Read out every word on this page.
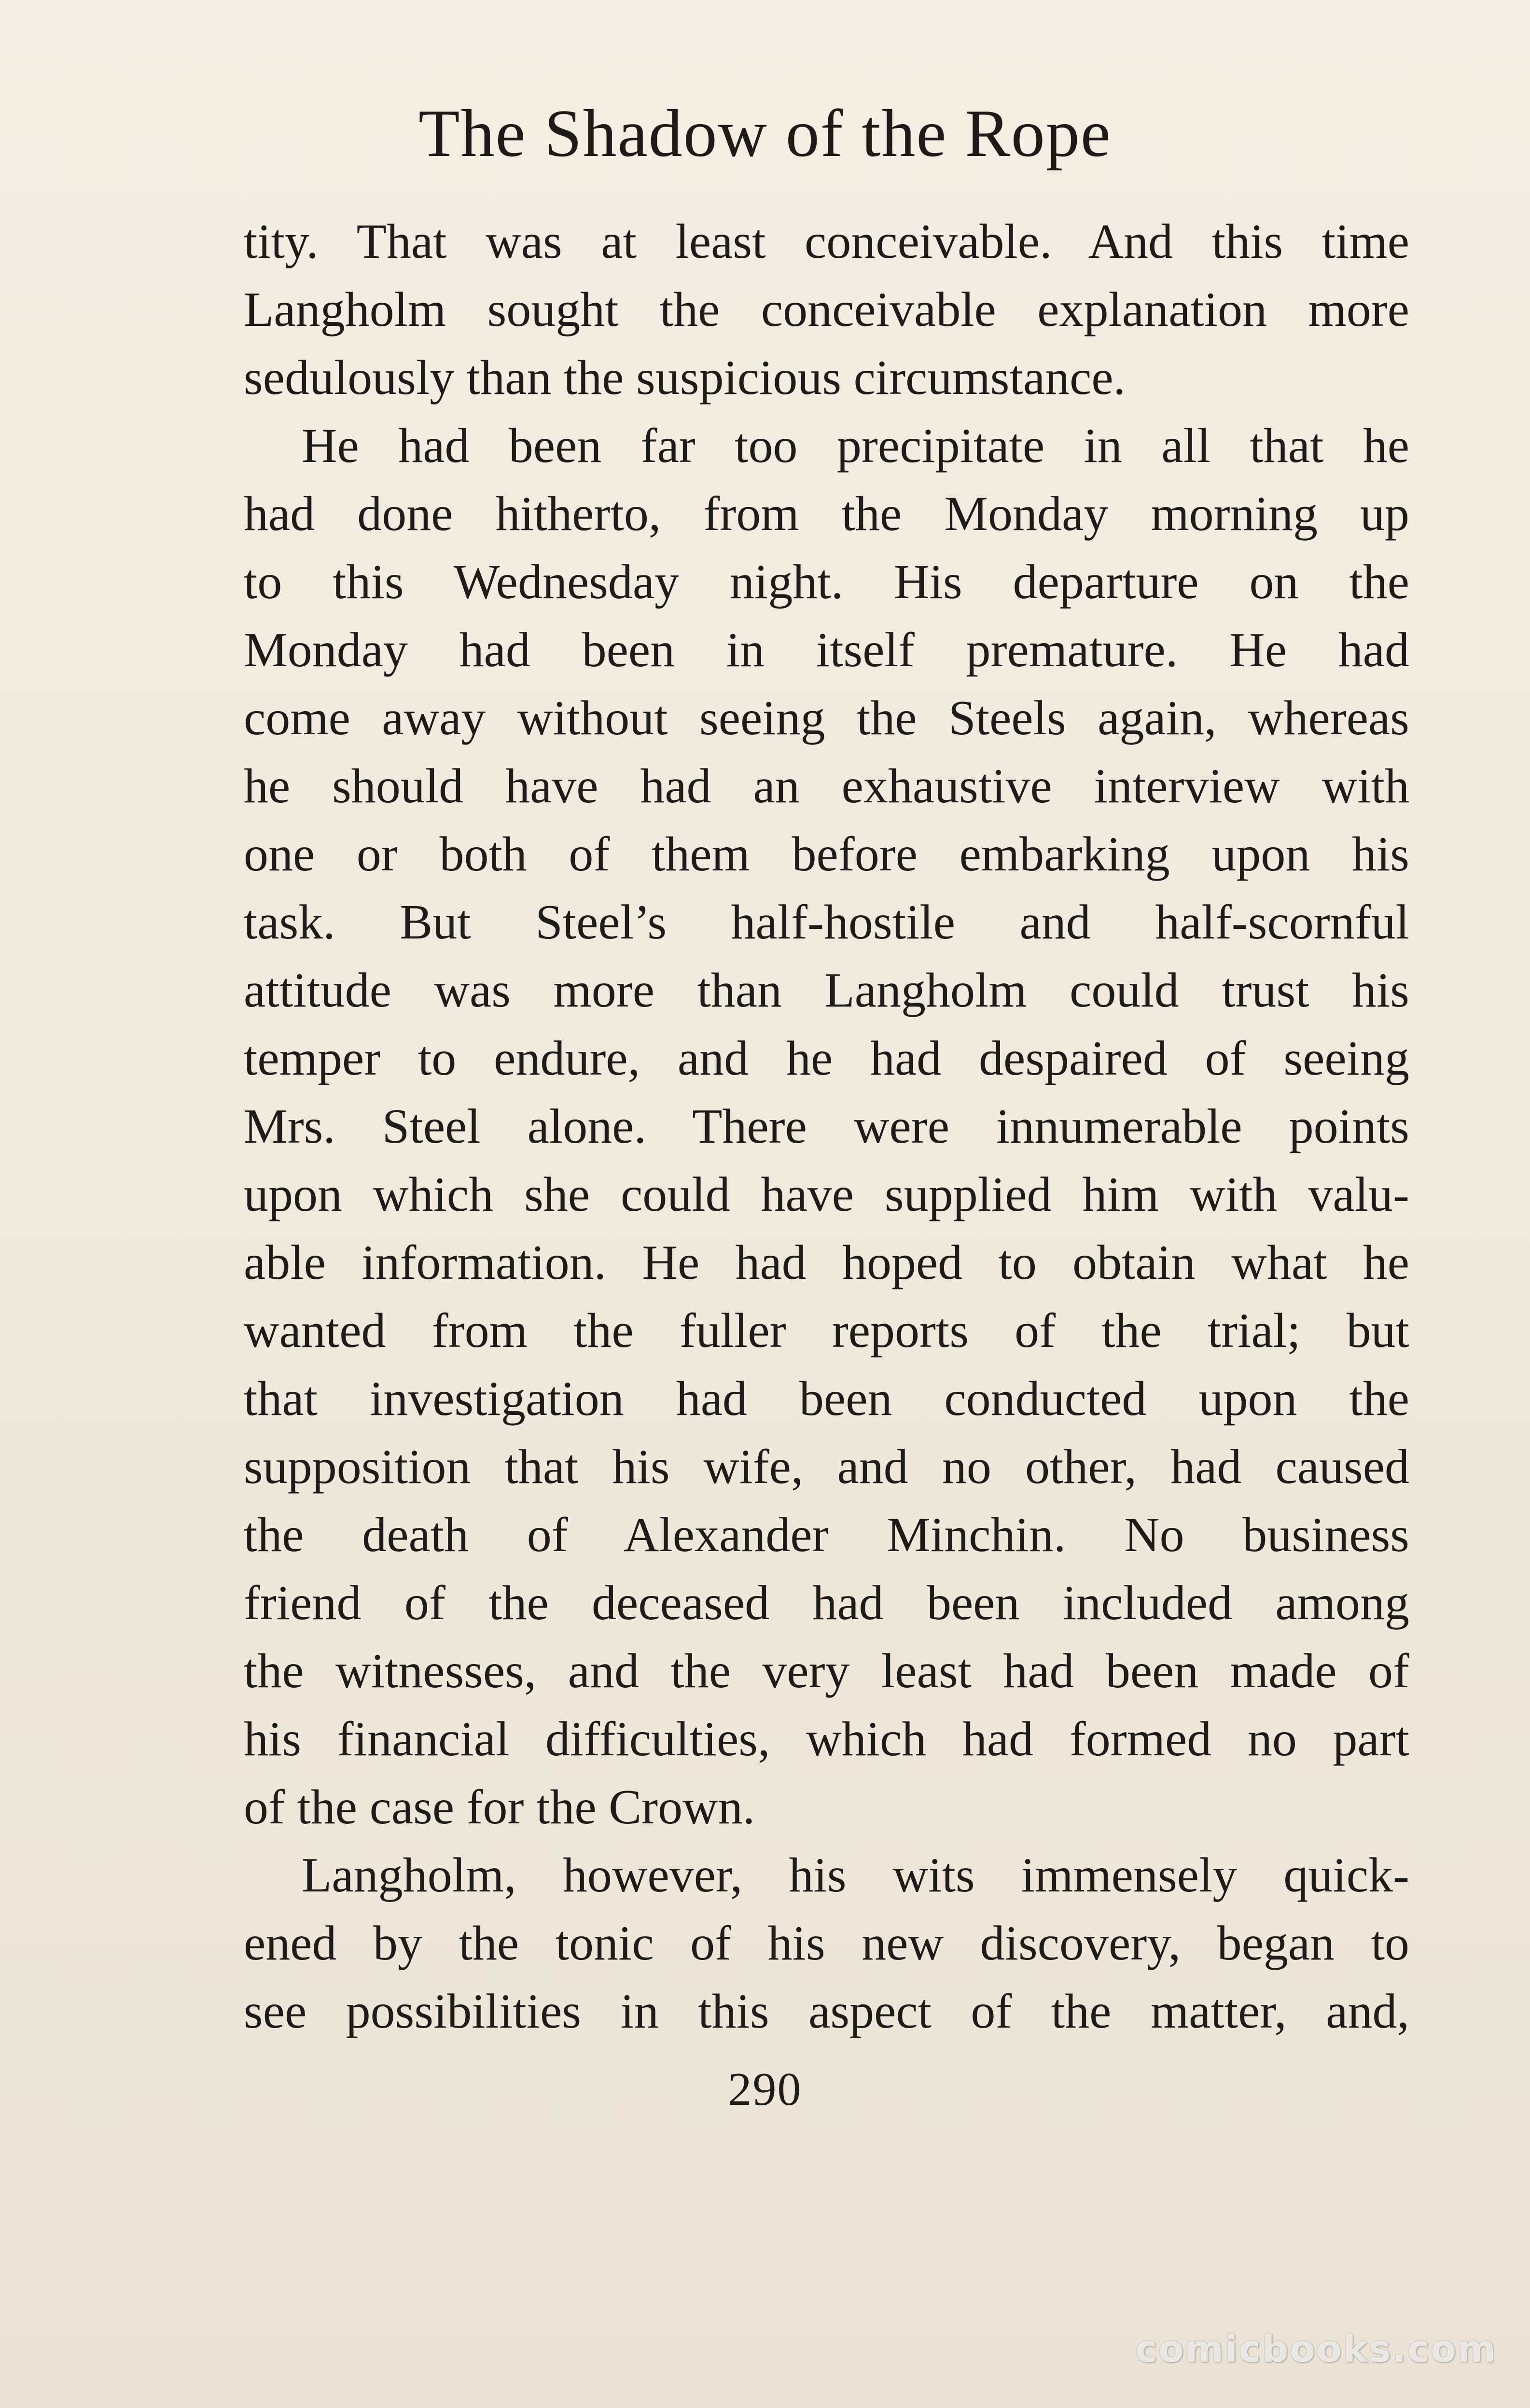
The Shadow of the Rope
tity. That was at least conceivable. And this time
Langholm sought the conceivable explanation more
sedulously than the suspicious circumstance.
He had been far too precipitate in all that he
had done hitherto, from the Monday morning up
to this Wednesday night. His departure on the
Monday had been in itself premature. He had
come away without seeing the Steels again, whereas
he should have had an exhaustive interview with
one or both of them before embarking upon his
task. But Steel’s half-hostile and half-scornful
attitude was more than Langholm could trust his
temper to endure, and he had despaired of seeing
Mrs. Steel alone. There were innumerable points
upon which she could have supplied him with valu-
able information. He had hoped to obtain what he
wanted from the fuller reports of the trial; but
that investigation had been conducted upon the
supposition that his wife, and no other, had caused
the death of Alexander Minchin. No business
friend of the deceased had been included among
the witnesses, and the very least had been made of
his financial difficulties, which had formed no part
of the case for the Crown.
Langholm, however, his wits immensely quick-
ened by the tonic of his new discovery, began to
see possibilities in this aspect of the matter, and,
290
comicbooks.com
